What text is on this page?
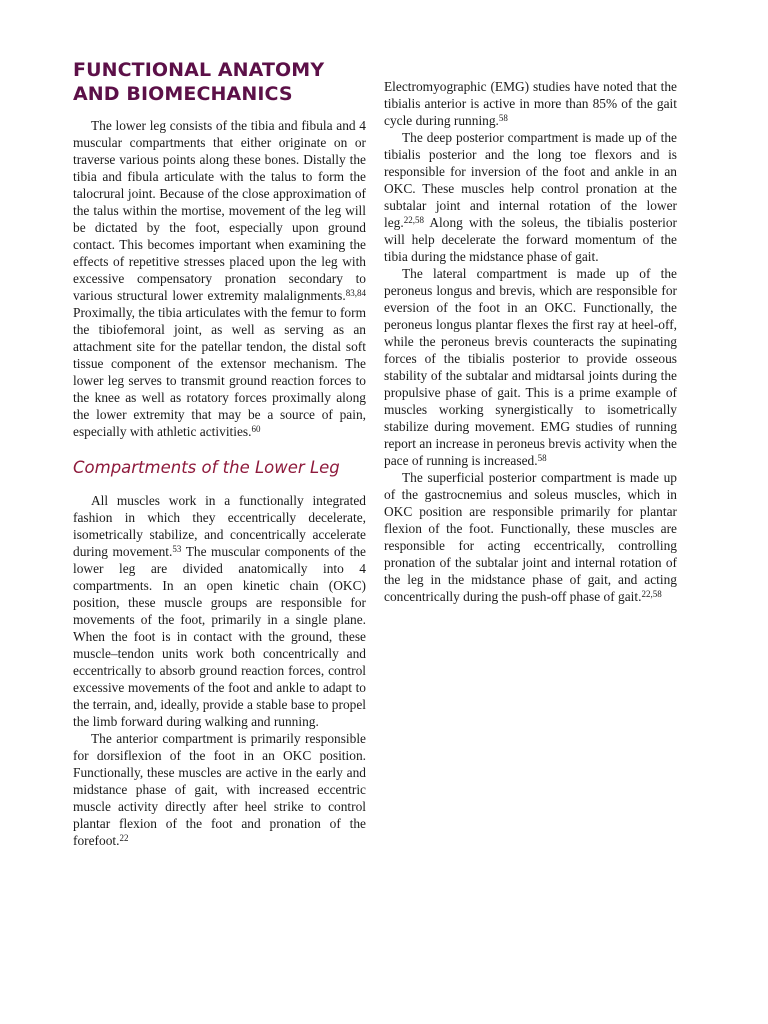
FUNCTIONAL ANATOMY AND BIOMECHANICS

The lower leg consists of the tibia and fibula and 4 muscular compartments that either originate on or traverse various points along these bones. Distally the tibia and fibula articulate with the talus to form the talocrural joint. Because of the close approximation of the talus within the mortise, movement of the leg will be dictated by the foot, especially upon ground contact. This becomes important when examining the effects of repetitive stresses placed upon the leg with excessive compensatory pronation secondary to various structural lower extremity malalignments.$^{83,84}$ Proximally, the tibia articulates with the femur to form the tibiofemoral joint, as well as serving as an attachment site for the patellar tendon, the distal soft tissue component of the extensor mechanism. The lower leg serves to transmit ground reaction forces to the knee as well as rotatory forces proximally along the lower extremity that may be a source of pain, especially with athletic activities.$^{60}$

Compartments of the Lower Leg

All muscles work in a functionally integrated fashion in which they eccentrically decelerate, isometrically stabilize, and concentrically accelerate during movement.$^{53}$ The muscular components of the lower leg are divided anatomically into 4 compartments. In an open kinetic chain (OKC) position, these muscle groups are responsible for movements of the foot, primarily in a single plane. When the foot is in contact with the ground, these muscle–tendon units work both concentrically and eccentrically to absorb ground reaction forces, control excessive movements of the foot and ankle to adapt to the terrain, and, ideally, provide a stable base to propel the limb forward during walking and running.

The anterior compartment is primarily responsible for dorsiflexion of the foot in an OKC position. Functionally, these muscles are active in the early and midstance phase of gait, with increased eccentric muscle activity directly after heel strike to control plantar flexion of the foot and pronation of the forefoot.$^{22}$

Electromyographic (EMG) studies have noted that the tibialis anterior is active in more than 85% of the gait cycle during running.$^{58}$

The deep posterior compartment is made up of the tibialis posterior and the long toe flexors and is responsible for inversion of the foot and ankle in an OKC. These muscles help control pronation at the subtalar joint and internal rotation of the lower leg.$^{22,58}$ Along with the soleus, the tibialis posterior will help decelerate the forward momentum of the tibia during the midstance phase of gait.

The lateral compartment is made up of the peroneus longus and brevis, which are responsible for eversion of the foot in an OKC. Functionally, the peroneus longus plantar flexes the first ray at heel-off, while the peroneus brevis counteracts the supinating forces of the tibialis posterior to provide osseous stability of the subtalar and midtarsal joints during the propulsive phase of gait. This is a prime example of muscles working synergistically to isometrically stabilize during movement. EMG studies of running report an increase in peroneus brevis activity when the pace of running is increased.$^{58}$

The superficial posterior compartment is made up of the gastrocnemius and soleus muscles, which in OKC position are responsible primarily for plantar flexion of the foot. Functionally, these muscles are responsible for acting eccentrically, controlling pronation of the subtalar joint and internal rotation of the leg in the midstance phase of gait, and acting concentrically during the push-off phase of gait.$^{22,58}$
